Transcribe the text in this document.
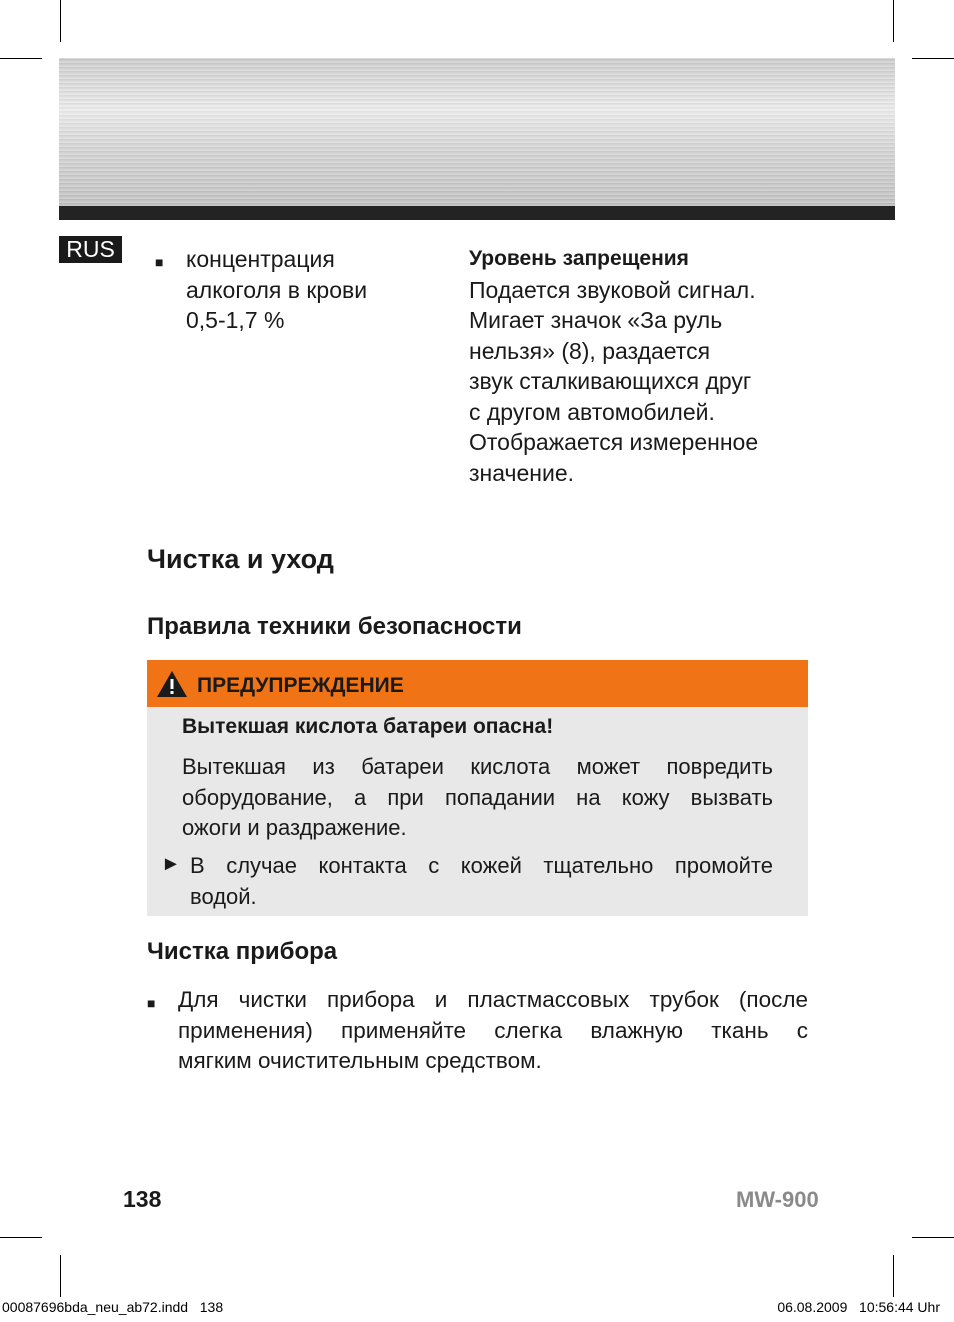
RUS	■ концентрация
алкоголя в крови
0,5-1,7 %
Уровень запрещения
Подается звуковой сигнал.
Мигает значок «За руль
нельзя» (8), раздается
звук сталкивающихся друг
с другом автомобилей.
Отображается измеренное
значение.
Чистка и уход
Правила техники безопасности
ПРЕДУПРЕЖДЕНИЕ
Вытекшая кислота батареи опасна!
Вытекшая из батареи кислота может повредить
оборудование, а при попадании на кожу вызвать
ожоги и раздражение.
► В случае контакта с кожей тщательно промойте
водой.
Чистка прибора
■ Для чистки прибора и пластмассовых трубок (после
применения) применяйте слегка влажную ткань с
мягким очистительным средством.
138	MW-900
00087696bda_neu_ab72.indd   138	06.08.2009   10:56:44 Uhr
